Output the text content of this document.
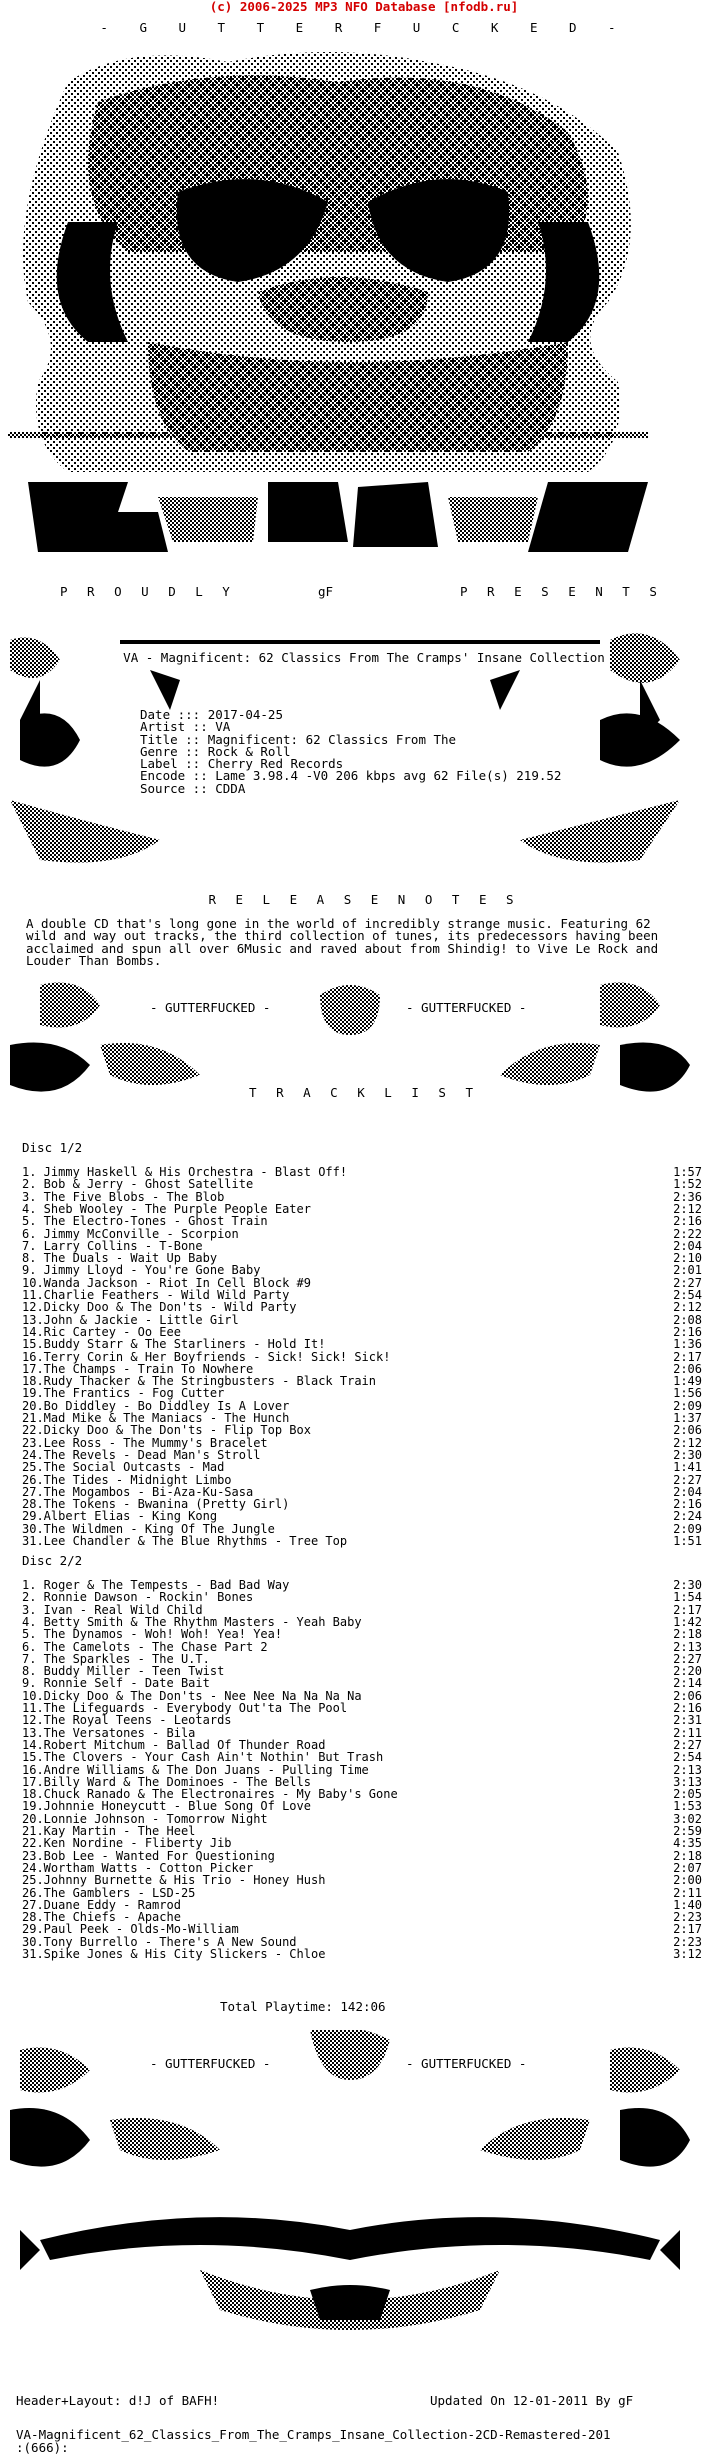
(c) 2006-2025 MP3 NFO Database [nfodb.ru]
- G U T T E R F U C K E D -
d!J/BAFH!
P R O U D L Y	gF	P R E S E N T S
VA - Magnificent: 62 Classics From The Cramps' Insane Collection
Date ::: 2017-04-25
Artist :: VA
Title :: Magnificent: 62 Classics From The
Genre :: Rock & Roll
Label :: Cherry Red Records
Encode :: Lame 3.98.4 -V0 206 kbps avg 62 File(s) 219.52
Source :: CDDA
R E L E A S E N O T E S
A double CD that's long gone in the world of incredibly strange music. Featuring 62 wild and way out tracks, the third collection of tunes, its predecessors having been acclaimed and spun all over 6Music and raved about from Shindig! to Vive Le Rock and Louder Than Bombs.
- GUTTERFUCKED -	- GUTTERFUCKED -
T R A C K L I S T
Disc 1/2
1. Jimmy Haskell & His Orchestra - Blast Off!	1:57
2. Bob & Jerry - Ghost Satellite	1:52
3. The Five Blobs - The Blob	2:36
4. Sheb Wooley - The Purple People Eater	2:12
5. The Electro-Tones - Ghost Train	2:16
6. Jimmy McConville - Scorpion	2:22
7. Larry Collins - T-Bone	2:04
8. The Duals - Wait Up Baby	2:10
9. Jimmy Lloyd - You're Gone Baby	2:01
10.Wanda Jackson - Riot In Cell Block #9	2:27
11.Charlie Feathers - Wild Wild Party	2:54
12.Dicky Doo & The Don'ts - Wild Party	2:12
13.John & Jackie - Little Girl	2:08
14.Ric Cartey - Oo Eee	2:16
15.Buddy Starr & The Starliners - Hold It!	1:36
16.Terry Corin & Her Boyfriends - Sick! Sick! Sick!	2:17
17.The Champs - Train To Nowhere	2:06
18.Rudy Thacker & The Stringbusters - Black Train	1:49
19.The Frantics - Fog Cutter	1:56
20.Bo Diddley - Bo Diddley Is A Lover	2:09
21.Mad Mike & The Maniacs - The Hunch	1:37
22.Dicky Doo & The Don'ts - Flip Top Box	2:06
23.Lee Ross - The Mummy's Bracelet	2:12
24.The Revels - Dead Man's Stroll	2:30
25.The Social Outcasts - Mad	1:41
26.The Tides - Midnight Limbo	2:27
27.The Mogambos - Bi-Aza-Ku-Sasa	2:04
28.The Tokens - Bwanina (Pretty Girl)	2:16
29.Albert Elias - King Kong	2:24
30.The Wildmen - King Of The Jungle	2:09
31.Lee Chandler & The Blue Rhythms - Tree Top	1:51
Disc 2/2
1. Roger & The Tempests - Bad Bad Way	2:30
2. Ronnie Dawson - Rockin' Bones	1:54
3. Ivan - Real Wild Child	2:17
4. Betty Smith & The Rhythm Masters - Yeah Baby	1:42
5. The Dynamos - Woh! Woh! Yea! Yea!	2:18
6. The Camelots - The Chase Part 2	2:13
7. The Sparkles - The U.T.	2:27
8. Buddy Miller - Teen Twist	2:20
9. Ronnie Self - Date Bait	2:14
10.Dicky Doo & The Don'ts - Nee Nee Na Na Na Na	2:06
11.The Lifeguards - Everybody Out'ta The Pool	2:16
12.The Royal Teens - Leotards	2:31
13.The Versatones - Bila	2:11
14.Robert Mitchum - Ballad Of Thunder Road	2:27
15.The Clovers - Your Cash Ain't Nothin' But Trash	2:54
16.Andre Williams & The Don Juans - Pulling Time	2:13
17.Billy Ward & The Dominoes - The Bells	3:13
18.Chuck Ranado & The Electronaires - My Baby's Gone	2:05
19.Johnnie Honeycutt - Blue Song Of Love	1:53
20.Lonnie Johnson - Tomorrow Night	3:02
21.Kay Martin - The Heel	2:59
22.Ken Nordine - Fliberty Jib	4:35
23.Bob Lee - Wanted For Questioning	2:18
24.Wortham Watts - Cotton Picker	2:07
25.Johnny Burnette & His Trio - Honey Hush	2:00
26.The Gamblers - LSD-25	2:11
27.Duane Eddy - Ramrod	1:40
28.The Chiefs - Apache	2:23
29.Paul Peek - Olds-Mo-William	2:17
30.Tony Burrello - There's A New Sound	2:23
31.Spike Jones & His City Slickers - Chloe	3:12
Total Playtime: 142:06
- GUTTERFUCKED -	- GUTTERFUCKED -
Header+Layout: d!J of BAFH!	Updated On 12-01-2011 By gF
VA-Magnificent_62_Classics_From_The_Cramps_Insane_Collection-2CD-Remastered-201
:(666):
